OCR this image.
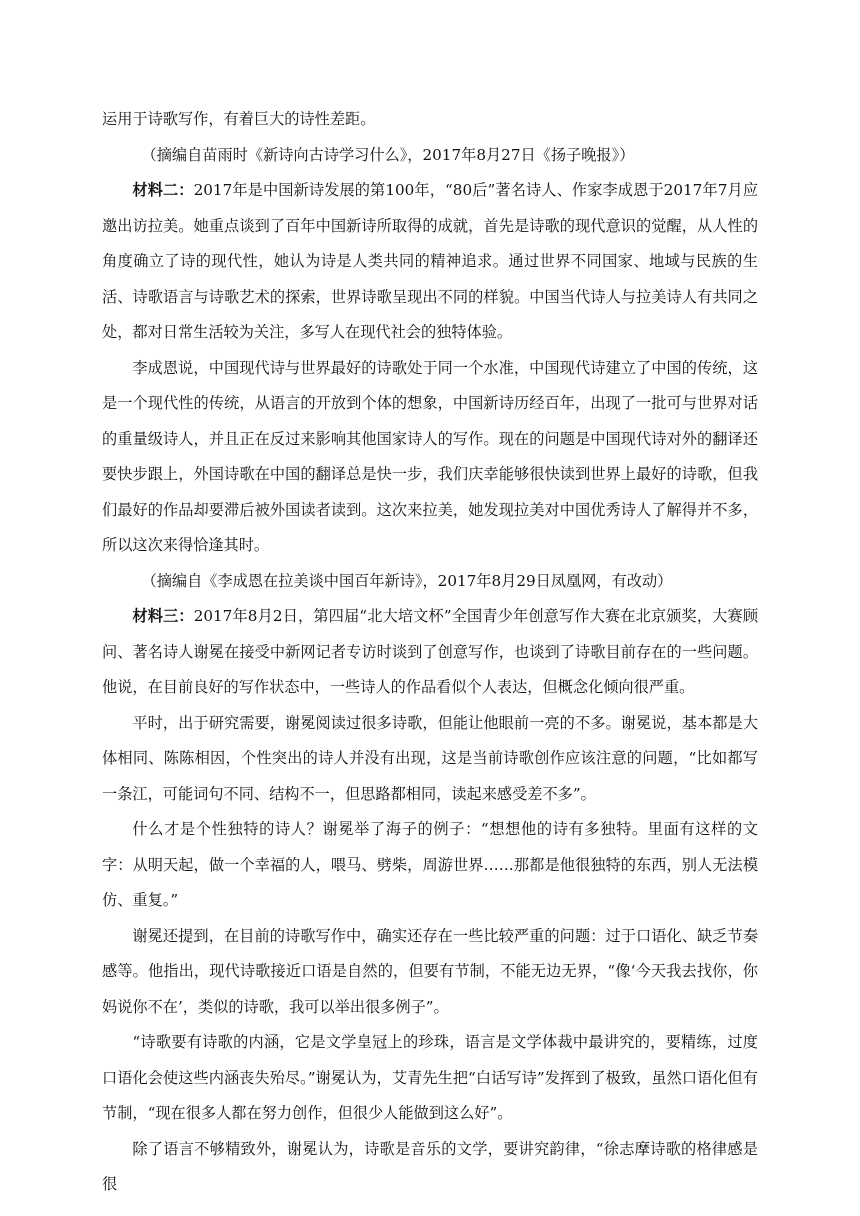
运用于诗歌写作，有着巨大的诗性差距。

（摘编自苗雨时《新诗向古诗学习什么》，2017年8月27日《扬子晚报》）

材料二：2017年是中国新诗发展的第100年，“80后”著名诗人、作家李成恩于2017年7月应邀出访拉美。她重点谈到了百年中国新诗所取得的成就，首先是诗歌的现代意识的觉醒，从人性的角度确立了诗的现代性，她认为诗是人类共同的精神追求。通过世界不同国家、地域与民族的生活、诗歌语言与诗歌艺术的探索，世界诗歌呈现出不同的样貌。中国当代诗人与拉美诗人有共同之处，都对日常生活较为关注，多写人在现代社会的独特体验。

李成恩说，中国现代诗与世界最好的诗歌处于同一个水准，中国现代诗建立了中国的传统，这是一个现代性的传统，从语言的开放到个体的想象，中国新诗历经百年，出现了一批可与世界对话的重量级诗人，并且正在反过来影响其他国家诗人的写作。现在的问题是中国现代诗对外的翻译还要快步跟上，外国诗歌在中国的翻译总是快一步，我们庆幸能够很快读到世界上最好的诗歌，但我们最好的作品却要滞后被外国读者读到。这次来拉美，她发现拉美对中国优秀诗人了解得并不多，所以这次来得恰逢其时。

（摘编自《李成恩在拉美谈中国百年新诗》，2017年8月29日凤凰网，有改动）

材料三：2017年8月2日，第四届“北大培文杯”全国青少年创意写作大赛在北京颁奖，大赛顾问、著名诗人谢冕在接受中新网记者专访时谈到了创意写作，也谈到了诗歌目前存在的一些问题。他说，在目前良好的写作状态中，一些诗人的作品看似个人表达，但概念化倾向很严重。

平时，出于研究需要，谢冕阅读过很多诗歌，但能让他眼前一亮的不多。谢冕说，基本都是大体相同、陈陈相因，个性突出的诗人并没有出现，这是当前诗歌创作应该注意的问题，“比如都写一条江，可能词句不同、结构不一，但思路都相同，读起来感受差不多”。

什么才是个性独特的诗人？谢冕举了海子的例子：“想想他的诗有多独特。里面有这样的文字：从明天起，做一个幸福的人，喂马、劈柴，周游世界……那都是他很独特的东西，别人无法模仿、重复。”

谢冕还提到，在目前的诗歌写作中，确实还存在一些比较严重的问题：过于口语化、缺乏节奏感等。他指出，现代诗歌接近口语是自然的，但要有节制，不能无边无界，“像‘今天我去找你，你妈说你不在’，类似的诗歌，我可以举出很多例子”。

“诗歌要有诗歌的内涵，它是文学皇冠上的珍珠，语言是文学体裁中最讲究的，要精练，过度口语化会使这些内涵丧失殆尽。”谢冕认为，艾青先生把“白话写诗”发挥到了极致，虽然口语化但有节制，“现在很多人都在努力创作，但很少人能做到这么好”。

除了语言不够精致外，谢冕认为，诗歌是音乐的文学，要讲究韵律，“徐志摩诗歌的格律感是很
